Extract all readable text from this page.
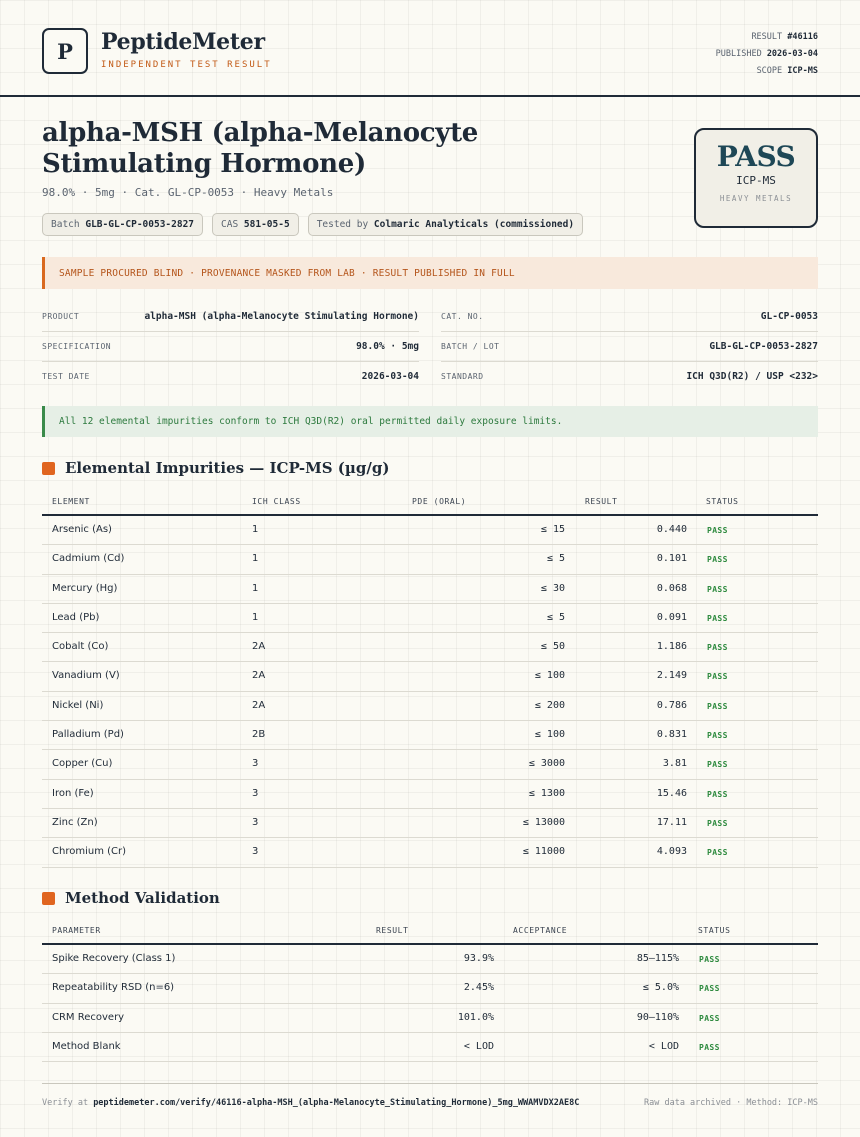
P	PeptideMeter
INDEPENDENT TEST RESULT
RESULT #46116
PUBLISHED 2026-03-04
SCOPE ICP-MS
alpha-MSH (alpha-Melanocyte Stimulating Hormone)
98.0% · 5mg · Cat. GL-CP-0053 · Heavy Metals
Batch GLB-GL-CP-0053-2827	CAS 581-05-5	Tested by Colmaric Analyticals (commissioned)
PASS
ICP-MS
HEAVY METALS
SAMPLE PROCURED BLIND · PROVENANCE MASKED FROM LAB · RESULT PUBLISHED IN FULL
PRODUCT	alpha-MSH (alpha-Melanocyte Stimulating Hormone)
SPECIFICATION	98.0% · 5mg
TEST DATE	2026-03-04
CAT. NO.	GL-CP-0053
BATCH / LOT	GLB-GL-CP-0053-2827
STANDARD	ICH Q3D(R2) / USP <232>
All 12 elemental impurities conform to ICH Q3D(R2) oral permitted daily exposure limits.
Elemental Impurities — ICP-MS (µg/g)
ELEMENT	ICH CLASS	PDE (ORAL)	RESULT	STATUS
Arsenic (As)	1	≤ 15	0.440	PASS
Cadmium (Cd)	1	≤ 5	0.101	PASS
Mercury (Hg)	1	≤ 30	0.068	PASS
Lead (Pb)	1	≤ 5	0.091	PASS
Cobalt (Co)	2A	≤ 50	1.186	PASS
Vanadium (V)	2A	≤ 100	2.149	PASS
Nickel (Ni)	2A	≤ 200	0.786	PASS
Palladium (Pd)	2B	≤ 100	0.831	PASS
Copper (Cu)	3	≤ 3000	3.81	PASS
Iron (Fe)	3	≤ 1300	15.46	PASS
Zinc (Zn)	3	≤ 13000	17.11	PASS
Chromium (Cr)	3	≤ 11000	4.093	PASS
Method Validation
PARAMETER	RESULT	ACCEPTANCE	STATUS
Spike Recovery (Class 1)	93.9%	85–115%	PASS
Repeatability RSD (n=6)	2.45%	≤ 5.0%	PASS
CRM Recovery	101.0%	90–110%	PASS
Method Blank	< LOD	< LOD	PASS
Verify at peptidemeter.com/verify/46116-alpha-MSH_(alpha-Melanocyte_Stimulating_Hormone)_5mg_WWAMVDX2AE8C	Raw data archived · Method: ICP-MS
